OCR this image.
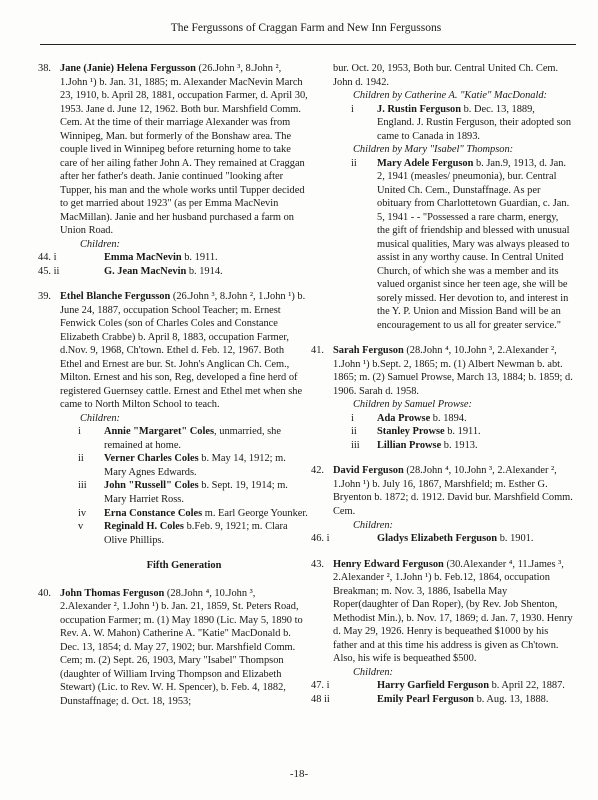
The Fergussons of Craggan Farm and New Inn Fergussons
38. Jane (Janie) Helena Fergusson (26.John ³, 8.John ², 1.John ¹) b. Jan. 31, 1885; m. Alexander MacNevin March 23, 1910, b. April 28, 1881, occupation Farmer, d. April 30, 1953. Jane d. June 12, 1962. Both bur. Marshfield Comm. Cem. At the time of their marriage Alexander was from Winnipeg, Man. but formerly of the Bonshaw area. The couple lived in Winnipeg before returning home to take care of her ailing father John A. They remained at Craggan after her father's death. Janie continued "looking after Tupper, his man and the whole works until Tupper decided to get married about 1923" (as per Emma MacNevin MacMillan). Janie and her husband purchased a farm on Union Road.
Children:
44. i	Emma MacNevin b. 1911.
45. ii	G. Jean MacNevin b. 1914.
39. Ethel Blanche Fergusson (26.John ³, 8.John ², 1.John ¹) b. June 24, 1887, occupation School Teacher; m. Ernest Fenwick Coles (son of Charles Coles and Constance Elizabeth Crabbe) b. April 8, 1883, occupation Farmer, d.Nov. 9, 1968, Ch'town. Ethel d. Feb. 12, 1967. Both Ethel and Ernest are bur. St. John's Anglican Ch. Cem., Milton. Ernest and his son, Reg, developed a fine herd of registered Guernsey cattle. Ernest and Ethel met when she came to North Milton School to teach.
Children:
i	Annie "Margaret" Coles, unmarried, she remained at home.
ii	Verner Charles Coles b. May 14, 1912; m. Mary Agnes Edwards.
iii	John "Russell" Coles b. Sept. 19, 1914; m. Mary Harriet Ross.
iv	Erna Constance Coles m. Earl George Younker.
v	Reginald H. Coles b.Feb. 9, 1921; m. Clara Olive Phillips.
Fifth Generation
40. John Thomas Ferguson (28.John ⁴, 10.John ³, 2.Alexander ², 1.John ¹) b. Jan. 21, 1859, St. Peters Road, occupation Farmer; m. (1) May 1890 (Lic. May 5, 1890 to Rev. A. W. Mahon) Catherine A. "Katie" MacDonald b. Dec. 13, 1854; d. May 27, 1902; bur. Marshfield Comm. Cem; m. (2) Sept. 26, 1903, Mary "Isabel" Thompson (daughter of William Irving Thompson and Elizabeth Stewart) (Lic. to Rev. W. H. Spencer), b. Feb. 4, 1882, Dunstaffnage; d. Oct. 18, 1953;
bur. Oct. 20, 1953, Both bur. Central United Ch. Cem. John d. 1942.
Children by Catherine A. "Katie" MacDonald:
i	J. Rustin Ferguson b. Dec. 13, 1889, England. J. Rustin Ferguson, their adopted son came to Canada in 1893.
Children by Mary "Isabel" Thompson:
ii	Mary Adele Ferguson b. Jan.9, 1913, d. Jan. 2, 1941 (measles/ pneumonia), bur. Central United Ch. Cem., Dunstaffnage. As per obituary from Charlottetown Guardian, c. Jan. 5, 1941 - - "Possessed a rare charm, energy, the gift of friendship and blessed with unusual musical qualities, Mary was always pleased to assist in any worthy cause. In Central United Church, of which she was a member and its valued organist since her teen age, she will be sorely missed. Her devotion to, and interest in the Y. P. Union and Mission Band will be an encouragement to us all for greater service."
41. Sarah Ferguson (28.John ⁴, 10.John ³, 2.Alexander ², 1.John ¹) b.Sept. 2, 1865; m. (1) Albert Newman b. abt. 1865; m. (2) Samuel Prowse, March 13, 1884; b. 1859; d. 1906. Sarah d. 1958.
Children by Samuel Prowse:
i	Ada Prowse b. 1894.
ii	Stanley Prowse b. 1911.
iii	Lillian Prowse b. 1913.
42. David Ferguson (28.John ⁴, 10.John ³, 2.Alexander ², 1.John ¹) b. July 16, 1867, Marshfield; m. Esther G. Bryenton b. 1872; d. 1912. David bur. Marshfield Comm. Cem.
Children:
46. i	Gladys Elizabeth Ferguson b. 1901.
43. Henry Edward Ferguson (30.Alexander ⁴, 11.James ³, 2.Alexander ², 1.John ¹) b. Feb.12, 1864, occupation Breakman; m. Nov. 3, 1886, Isabella May Roper(daughter of Dan Roper), (by Rev. Job Shenton, Methodist Min.), b. Nov. 17, 1869; d. Jan. 7, 1930. Henry d. May 29, 1926. Henry is bequeathed $1000 by his father and at this time his address is given as Ch'town. Also, his wife is bequeathed $500.
Children:
47. i	Harry Garfield Ferguson b. April 22, 1887.
48 ii	Emily Pearl Ferguson b. Aug. 13, 1888.
-18-
